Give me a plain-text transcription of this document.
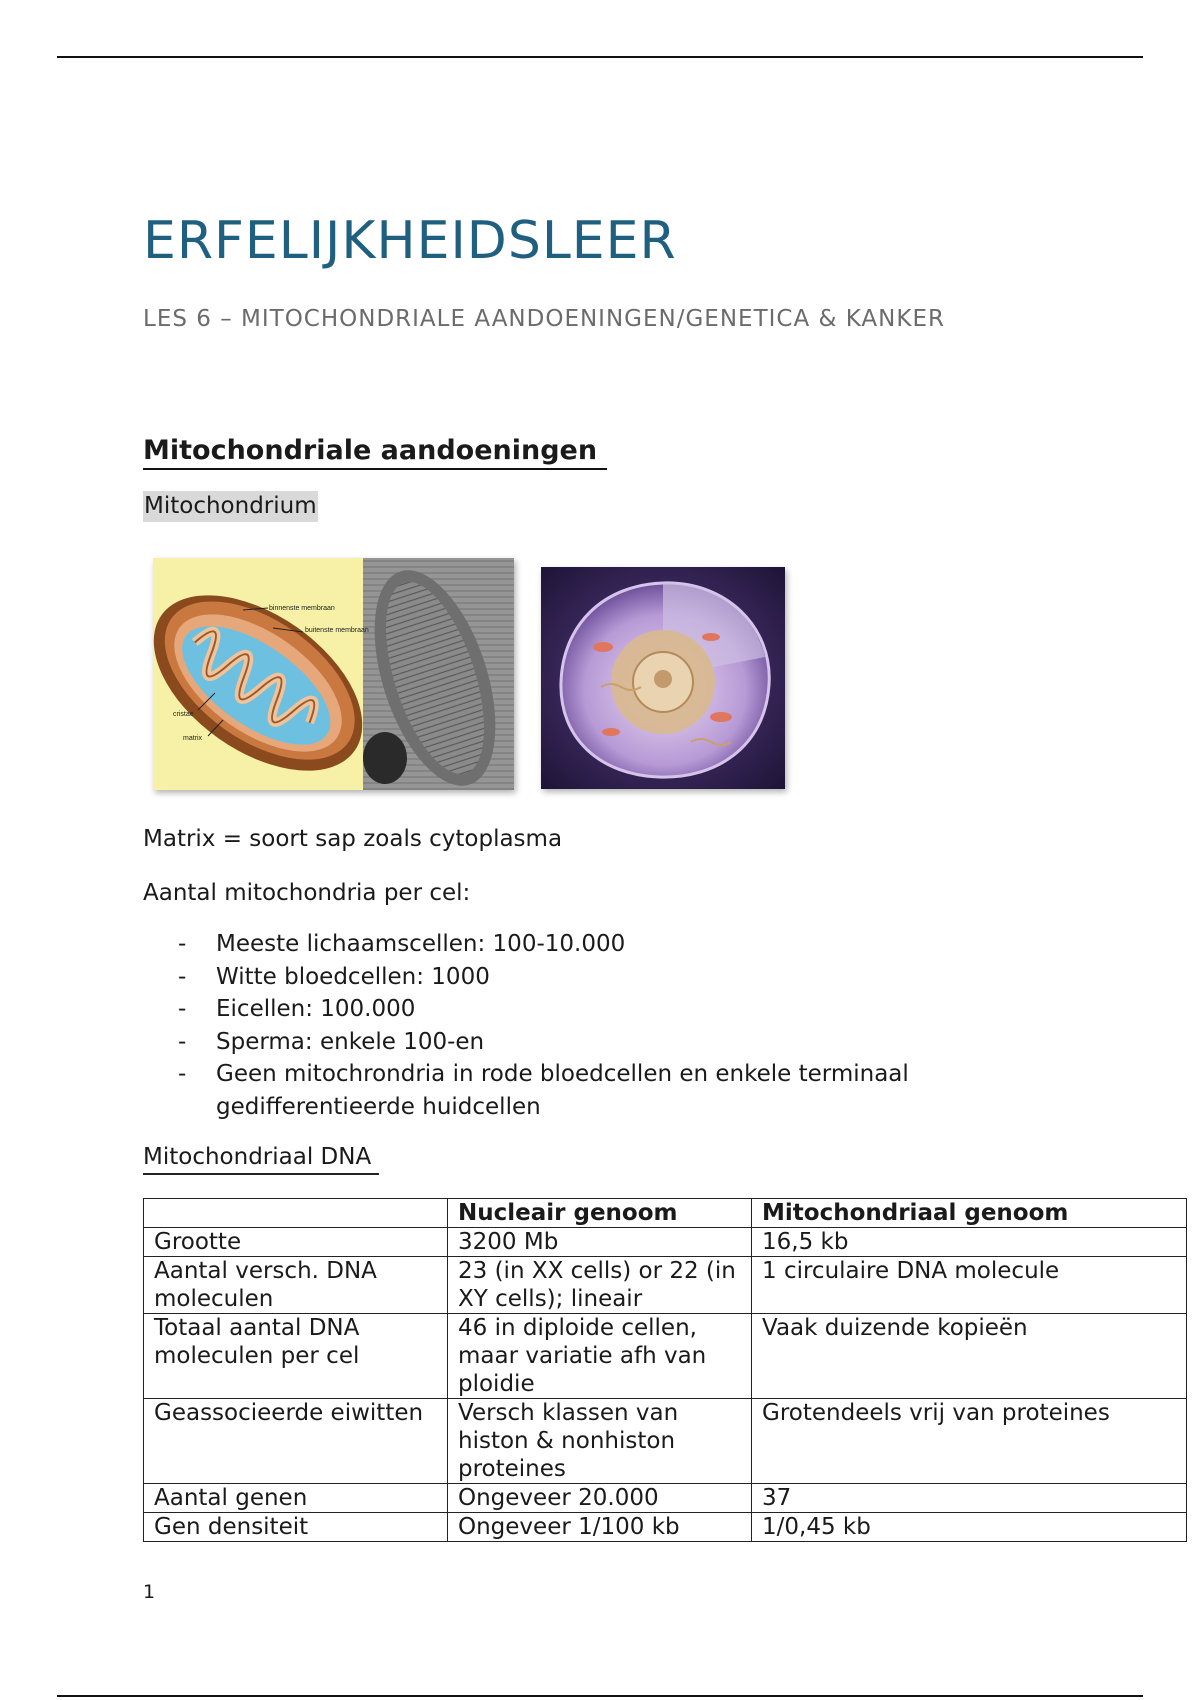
ERFELIJKHEIDSLEER

LES 6 – MITOCHONDRIALE AANDOENINGEN/GENETICA & KANKER

Mitochondriale aandoeningen
Mitochondrium
binnenste membraan
buitenste membraan
cristae
matrix

Matrix = soort sap zoals cytoplasma

Aantal mitochondria per cel:

- Meeste lichaamscellen: 100-10.000
- Witte bloedcellen: 1000
- Eicellen: 100.000
- Sperma: enkele 100-en
- Geen mitochrondria in rode bloedcellen en enkele terminaal gedifferentieerde huidcellen
Mitochondriaal DNA
	Nucleair genoom	Mitochondriaal genoom
Grootte	3200 Mb	16,5 kb
Aantal versch. DNA moleculen	23 (in XX cells) or 22 (in XY cells); lineair	1 circulaire DNA molecule
Totaal aantal DNA moleculen per cel	46 in diploide cellen, maar variatie afh van ploidie	Vaak duizende kopieën
Geassocieerde eiwitten	Versch klassen van histon & nonhiston proteines	Grotendeels vrij van proteines
Aantal genen	Ongeveer 20.000	37
Gen densiteit	Ongeveer 1/100 kb	1/0,45 kb
1
